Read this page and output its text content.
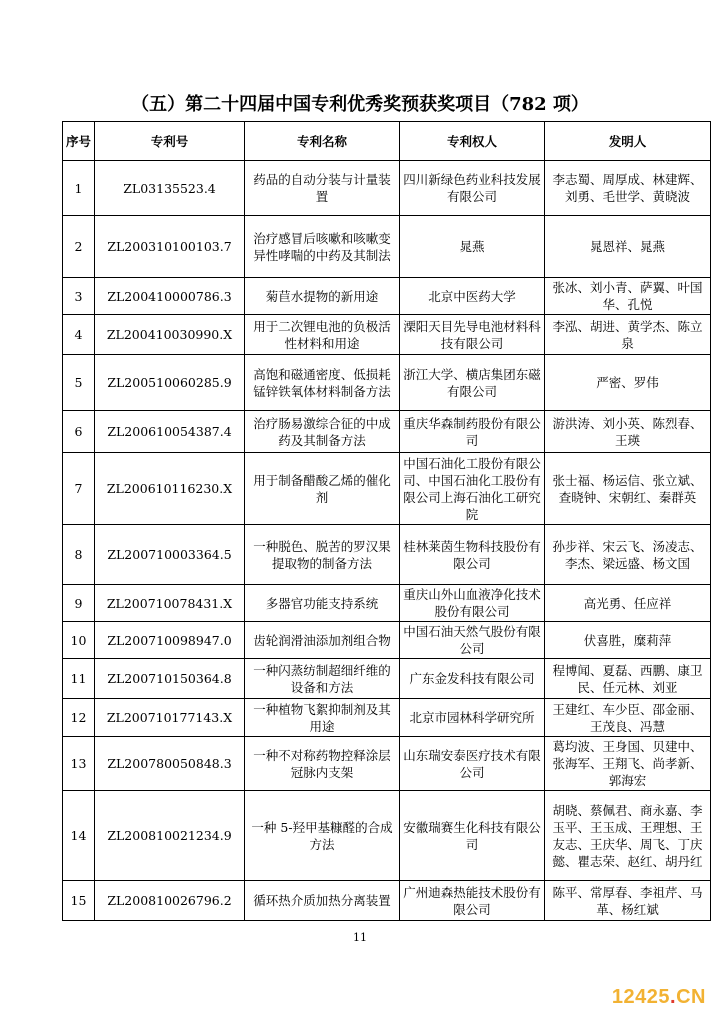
（五）第二十四届中国专利优秀奖预获奖项目（782 项）
序号	专利号	专利名称	专利权人	发明人
1	ZL03135523.4	药品的自动分装与计量装置	四川新绿色药业科技发展有限公司	李志蜀、周厚成、林建辉、刘勇、毛世学、黄晓波
2	ZL200310100103.7	治疗感冒后咳嗽和咳嗽变异性哮喘的中药及其制法	晁燕	晁恩祥、晁燕
3	ZL200410000786.3	菊苣水提物的新用途	北京中医药大学	张冰、刘小青、萨翼、叶国华、孔悦
4	ZL200410030990.X	用于二次锂电池的负极活性材料和用途	溧阳天目先导电池材料科技有限公司	李泓、胡进、黄学杰、陈立泉
5	ZL200510060285.9	高饱和磁通密度、低损耗锰锌铁氧体材料制备方法	浙江大学、横店集团东磁有限公司	严密、罗伟
6	ZL200610054387.4	治疗肠易激综合征的中成药及其制备方法	重庆华森制药股份有限公司	游洪涛、刘小英、陈烈春、王瑛
7	ZL200610116230.X	用于制备醋酸乙烯的催化剂	中国石油化工股份有限公司、中国石油化工股份有限公司上海石油化工研究院	张士福、杨运信、张立斌、查晓钟、宋朝红、秦群英
8	ZL200710003364.5	一种脱色、脱苦的罗汉果提取物的制备方法	桂林莱茵生物科技股份有限公司	孙步祥、宋云飞、汤凌志、李杰、梁远盛、杨文国
9	ZL200710078431.X	多器官功能支持系统	重庆山外山血液净化技术股份有限公司	高光勇、任应祥
10	ZL200710098947.0	齿轮润滑油添加剂组合物	中国石油天然气股份有限公司	伏喜胜，糜莉萍
11	ZL200710150364.8	一种闪蒸纺制超细纤维的设备和方法	广东金发科技有限公司	程博闻、夏磊、西鹏、康卫民、任元林、刘亚
12	ZL200710177143.X	一种植物飞絮抑制剂及其用途	北京市园林科学研究所	王建红、车少臣、邵金丽、王茂良、冯慧
13	ZL200780050848.3	一种不对称药物控释涂层冠脉内支架	山东瑞安泰医疗技术有限公司	葛均波、王身国、贝建中、张海军、王翔飞、尚孝新、郭海宏
14	ZL200810021234.9	一种 5-羟甲基糠醛的合成方法	安徽瑞赛生化科技有限公司	胡晓、蔡佩君、商永嘉、李玉平、王玉成、王理想、王友志、王庆华、周飞、丁庆懿、瞿志荣、赵红、胡丹红
15	ZL200810026796.2	循环热介质加热分离装置	广州迪森热能技术股份有限公司	陈平、常厚春、李祖芹、马革、杨红斌
11
12425.CN
